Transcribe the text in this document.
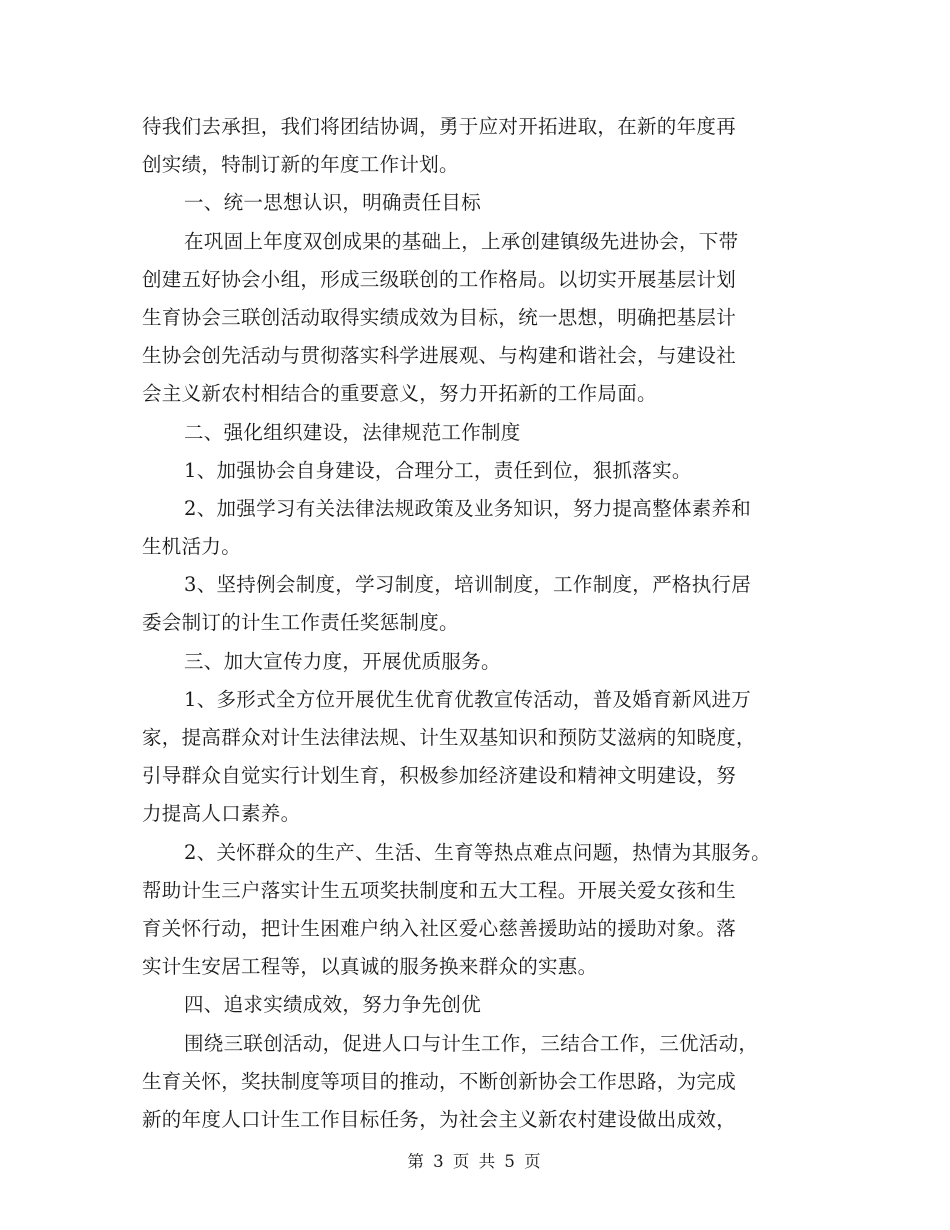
待我们去承担，我们将团结协调，勇于应对开拓进取，在新的年度再
创实绩，特制订新的年度工作计划。
一、统一思想认识，明确责任目标
在巩固上年度双创成果的基础上，上承创建镇级先进协会，下带
创建五好协会小组，形成三级联创的工作格局。以切实开展基层计划
生育协会三联创活动取得实绩成效为目标，统一思想，明确把基层计
生协会创先活动与贯彻落实科学进展观、与构建和谐社会，与建设社
会主义新农村相结合的重要意义，努力开拓新的工作局面。
二、强化组织建设，法律规范工作制度
1、加强协会自身建设，合理分工，责任到位，狠抓落实。
2、加强学习有关法律法规政策及业务知识，努力提高整体素养和
生机活力。
3、坚持例会制度，学习制度，培训制度，工作制度，严格执行居
委会制订的计生工作责任奖惩制度。
三、加大宣传力度，开展优质服务。
1、多形式全方位开展优生优育优教宣传活动，普及婚育新风进万
家，提高群众对计生法律法规、计生双基知识和预防艾滋病的知晓度，
引导群众自觉实行计划生育，积极参加经济建设和精神文明建设，努
力提高人口素养。
2、关怀群众的生产、生活、生育等热点难点问题，热情为其服务。
帮助计生三户落实计生五项奖扶制度和五大工程。开展关爱女孩和生
育关怀行动，把计生困难户纳入社区爱心慈善援助站的援助对象。落
实计生安居工程等，以真诚的服务换来群众的实惠。
四、追求实绩成效，努力争先创优
围绕三联创活动，促进人口与计生工作，三结合工作，三优活动，
生育关怀，奖扶制度等项目的推动，不断创新协会工作思路，为完成
新的年度人口计生工作目标任务，为社会主义新农村建设做出成效，
第 3 页 共 5 页
